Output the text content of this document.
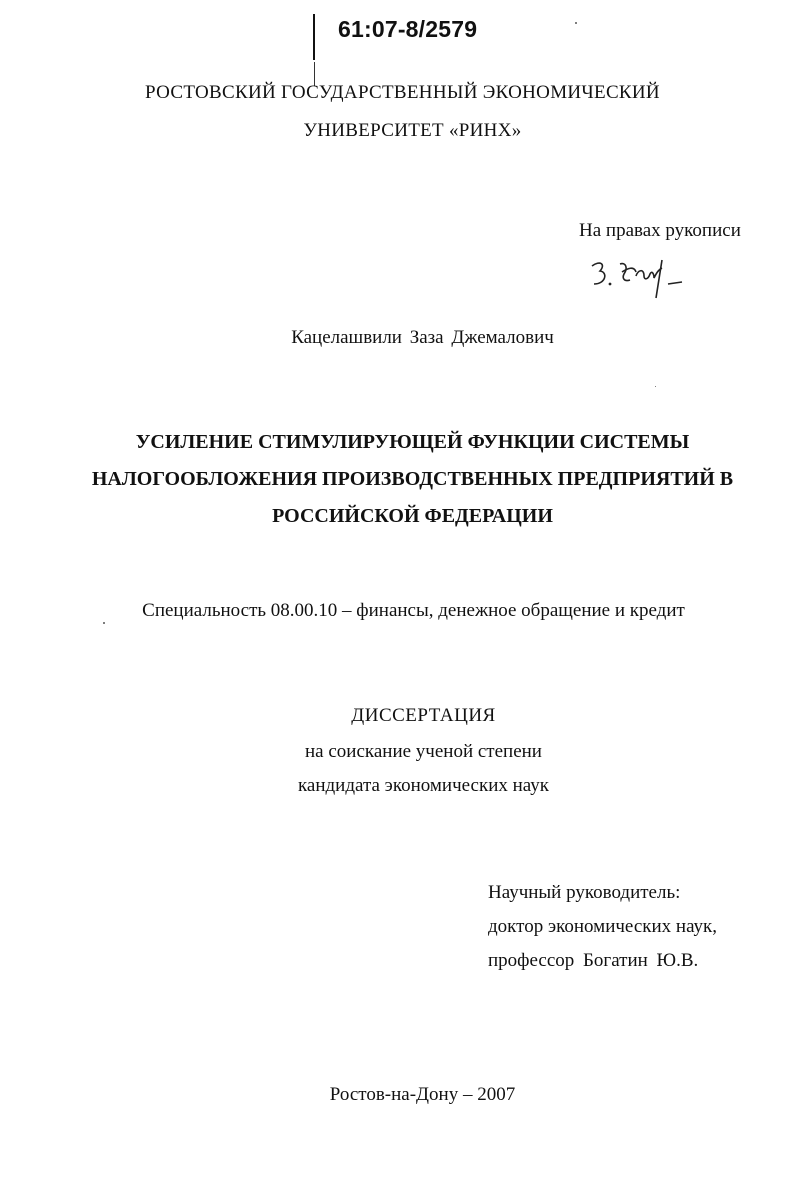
61:07-8/2579
РОСТОВСКИЙ ГОСУДАРСТВЕННЫЙ ЭКОНОМИЧЕСКИЙ
УНИВЕРСИТЕТ «РИНХ»
На правах рукописи
Кацелашвили Заза Джемалович
УСИЛЕНИЕ СТИМУЛИРУЮЩЕЙ ФУНКЦИИ СИСТЕМЫ
НАЛОГООБЛОЖЕНИЯ ПРОИЗВОДСТВЕННЫХ ПРЕДПРИЯТИЙ В
РОССИЙСКОЙ ФЕДЕРАЦИИ
Специальность 08.00.10 – финансы, денежное обращение и кредит
ДИССЕРТАЦИЯ
на соискание ученой степени
кандидата экономических наук
Научный руководитель:
доктор экономических наук,
профессор Богатин Ю.В.
Ростов-на-Дону – 2007
